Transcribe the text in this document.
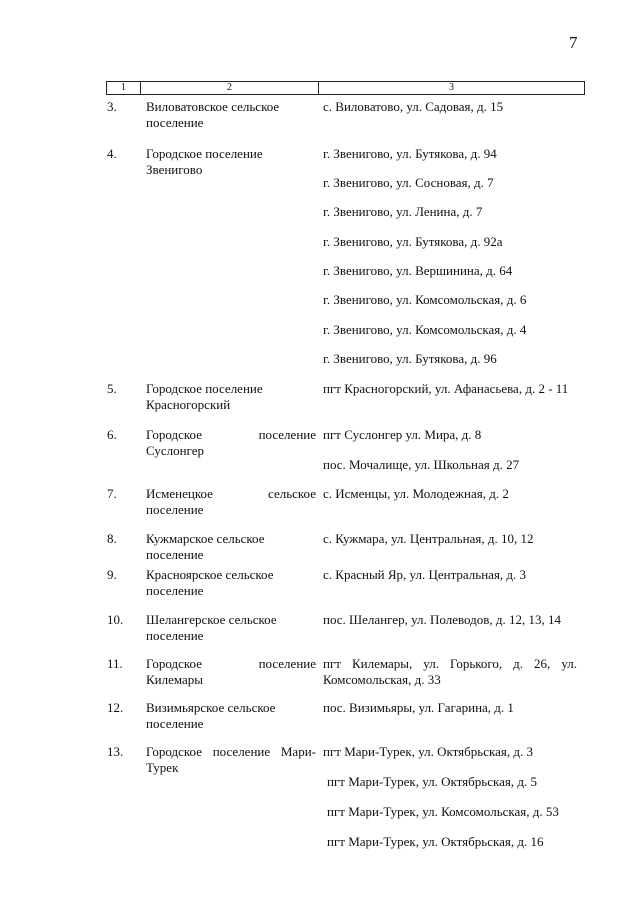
7
1	2	3
3.	Виловатовское сельское поселение
с. Виловатово, ул. Садовая, д. 15
4.	Городское поселение Звенигово
г. Звенигово, ул. Бутякова, д. 94
г. Звенигово, ул. Сосновая, д. 7
г. Звенигово, ул. Ленина, д. 7
г. Звенигово, ул. Бутякова, д. 92а
г. Звенигово, ул. Вершинина, д. 64
г. Звенигово, ул. Комсомольская, д. 6
г. Звенигово, ул. Комсомольская, д. 4
г. Звенигово, ул. Бутякова, д. 96
5.	Городское поселение Красногорский
пгт Красногорский, ул. Афанасьева, д. 2 - 11
6.	Городское поселение Суслонгер
пгт Суслонгер ул. Мира, д. 8
пос. Мочалище, ул. Школьная д. 27
7.	Исменецкое сельское поселение
с. Исменцы, ул. Молодежная, д. 2
8.	Кужмарское сельское поселение
с. Кужмара, ул. Центральная, д. 10, 12
9.	Красноярское сельское поселение
с. Красный Яр, ул. Центральная, д. 3
10.	Шелангерское сельское поселение
пос. Шелангер, ул. Полеводов, д. 12, 13, 14
11.	Городское поселение Килемары
пгт Килемары, ул. Горького, д. 26, ул. Комсомольская, д. 33
12.	Визимьярское сельское поселение
пос. Визимьяры, ул. Гагарина, д. 1
13.	Городское поселение Мари-Турек
пгт Мари-Турек, ул. Октябрьская, д. 3
пгт Мари-Турек, ул. Октябрьская, д. 5
пгт Мари-Турек, ул. Комсомольская, д. 53
пгт Мари-Турек, ул. Октябрьская, д. 16
